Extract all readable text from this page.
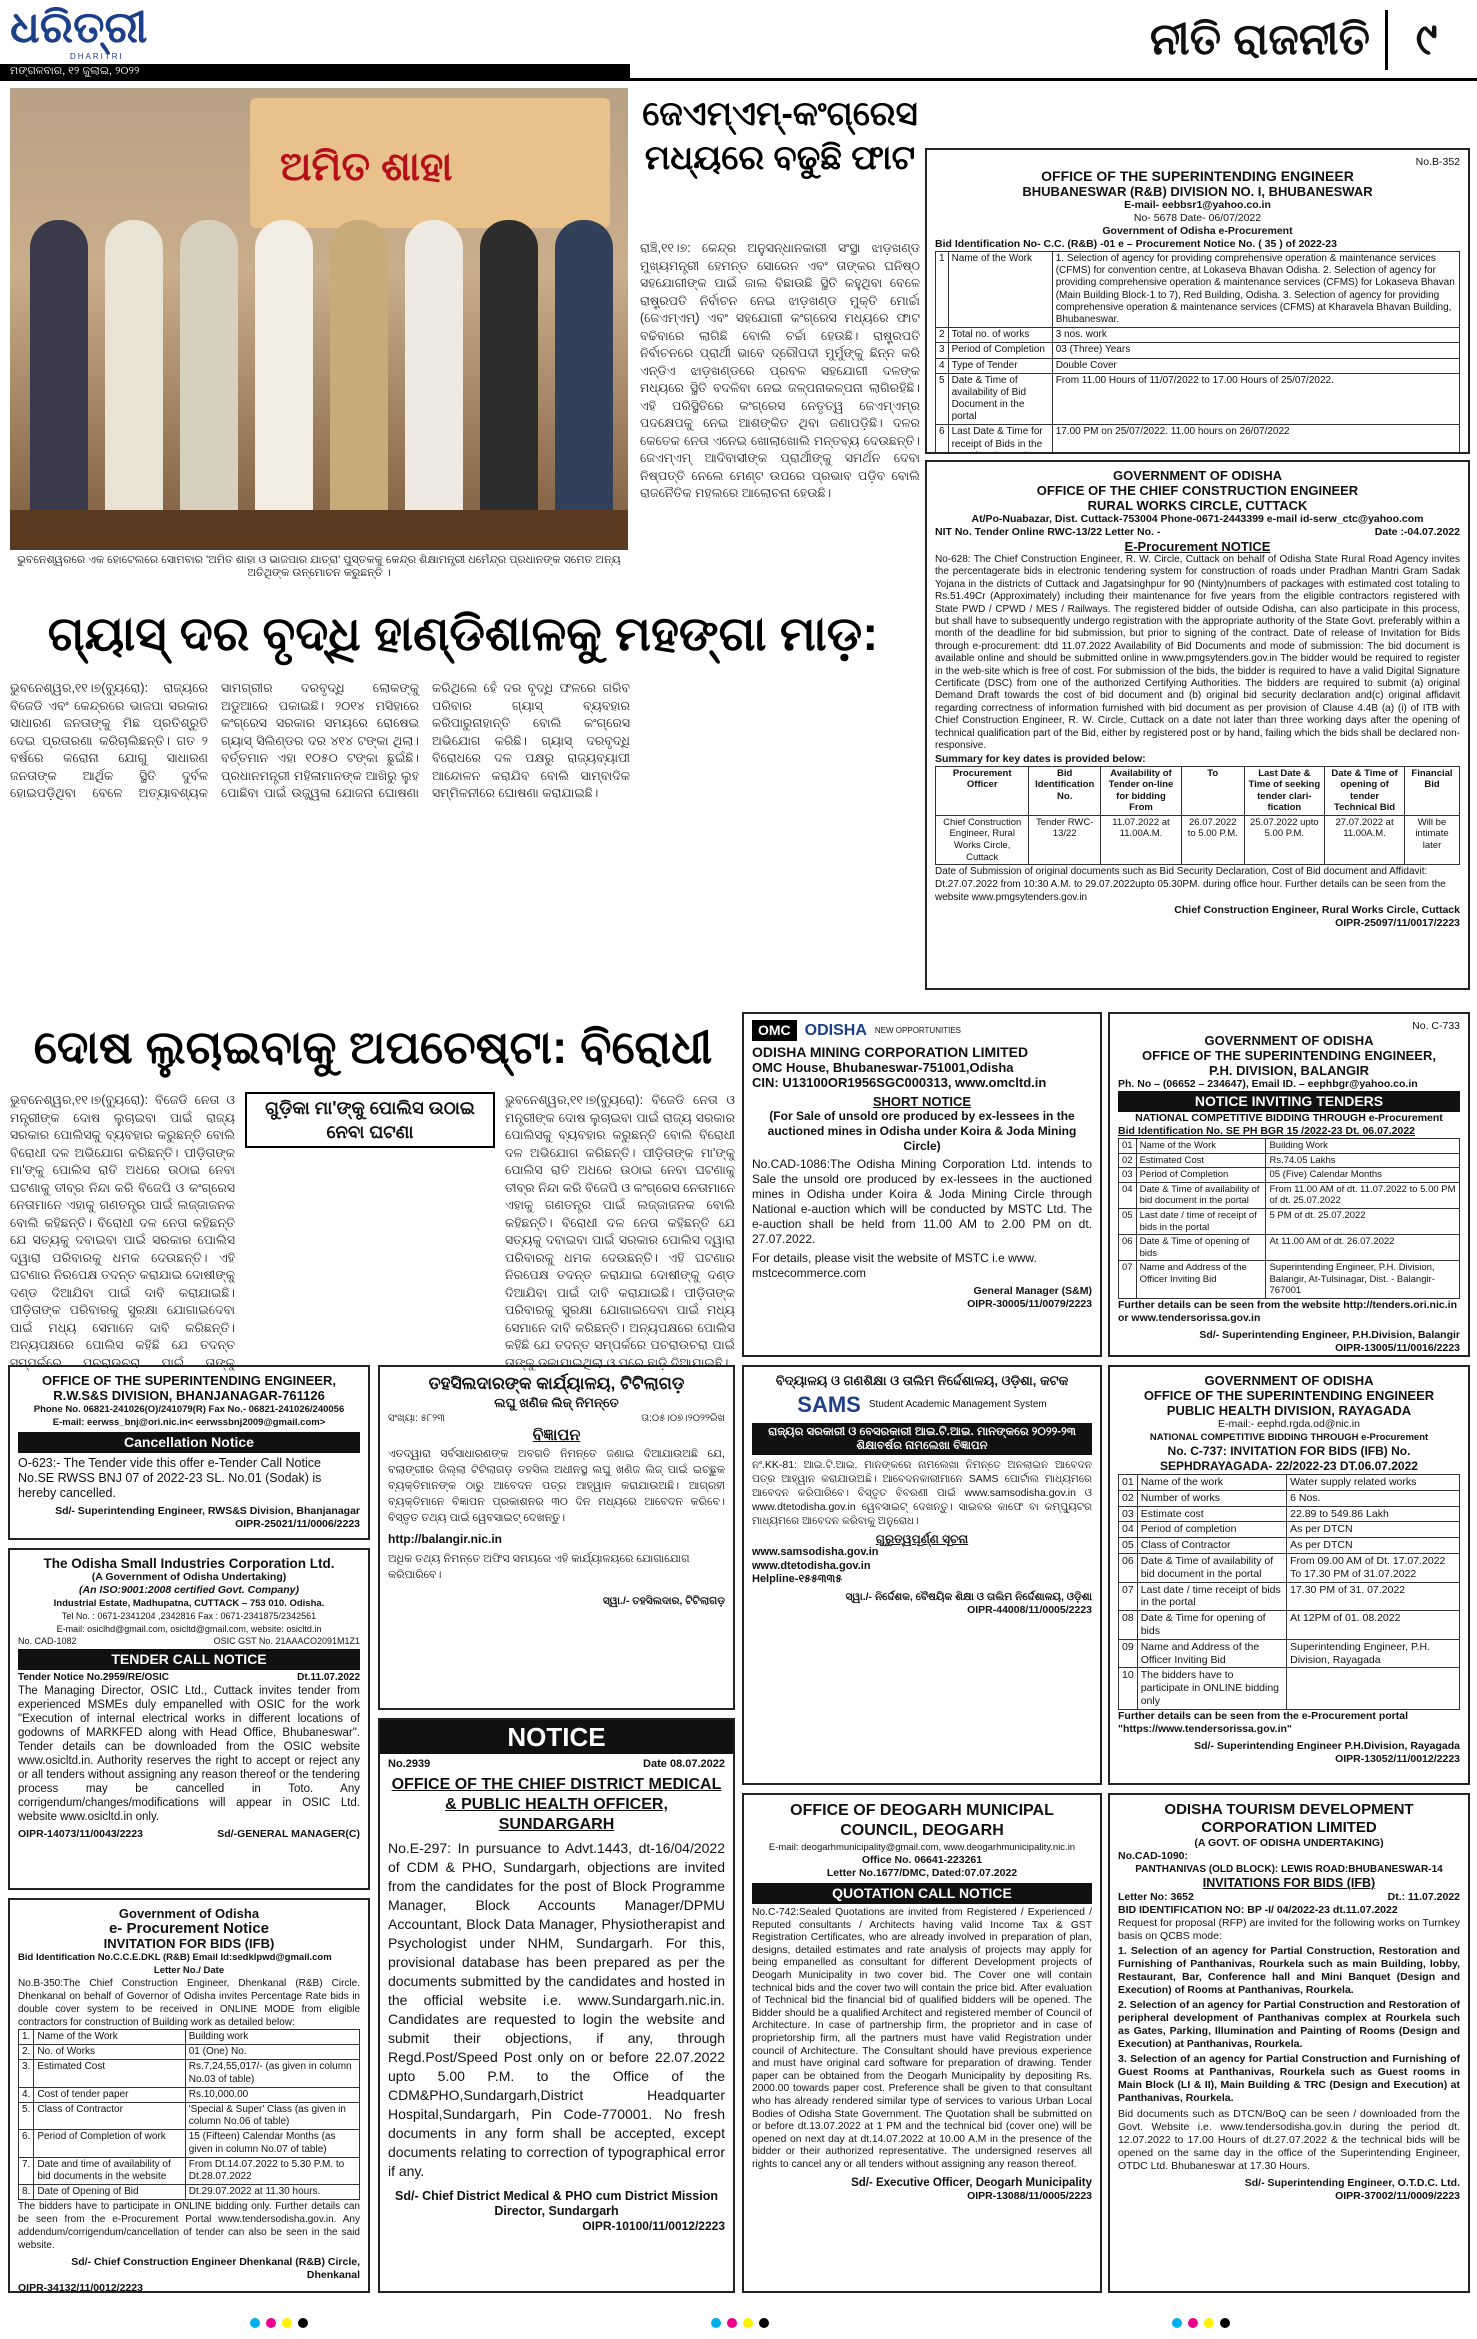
ଧରିତ୍ରୀ
DHARITRI
ମଙ୍ଗଳବାର, ୧୨ ଜୁଲାଇ, ୨୦୨୨
ନୀତି ରାଜନୀତି	୯
ଅମିତ ଶାହା
ଭୁବନେଶ୍ୱରରେ ଏକ ହୋଟେଲରେ ସୋମବାର 'ଅମିତ ଶାହା ଓ ଭାଜପାର ଯାତ୍ରା' ପୁସ୍ତକକୁ କେନ୍ଦ୍ର ଶିକ୍ଷାମନ୍ତ୍ରୀ ଧର୍ମେନ୍ଦ୍ର ପ୍ରଧାନଙ୍କ ସମେତ ଅନ୍ୟ ଅତିଥିଙ୍କ ଉନ୍ମୋଚନ କରୁଛନ୍ତି ।
ଜେଏମ୍ଏମ୍-କଂଗ୍ରେସ ମଧ୍ୟରେ ବଢୁଛି ଫାଟ
ରାଞ୍ଚି,୧୧।୭: କେନ୍ଦ୍ର ଅନୁସନ୍ଧାନକାରୀ ସଂସ୍ଥା ଝାଡ଼ଖଣ୍ଡ ମୁଖ୍ୟମନ୍ତ୍ରୀ ହେମନ୍ତ ସୋରେନ ଏବଂ ତାଙ୍କର ଘନିଷ୍ଠ ସହଯୋଗୀଙ୍କ ପାଇଁ ଜାଲ ବିଛାଉଛି ସ୍ଥିତି କହୁଥିବା ବେଳେ ରାଷ୍ଟ୍ରପତି ନିର୍ବାଚନ ନେଇ ଝାଡ଼ଖଣ୍ଡ ମୁକ୍ତି ମୋର୍ଚ୍ଚା (ଜେଏମ୍ଏମ୍) ଏବଂ ସହଯୋଗୀ କଂଗ୍ରେସ ମଧ୍ୟରେ ଫାଟ ବଢିବାରେ ଲାଗିଛି ବୋଲି ଚର୍ଚ୍ଚା ହେଉଛି। ରାଷ୍ଟ୍ରପତି ନିର୍ବାଚନରେ ପ୍ରାର୍ଥୀ ଭାବେ ଦ୍ରୌପଦୀ ମୁର୍ମୁଙ୍କୁ ଛିନ୍ନ କରି ଏନ୍‌ଡିଏ ଝାଡ଼ଖଣ୍ଡରେ ପ୍ରବଳ ସହଯୋଗୀ ଦଳଙ୍କ ମଧ୍ୟରେ ସ୍ଥିତି ବଦଳିବା ନେଇ ଜଳ୍ପନାକଳ୍ପନା ଲାଗିରହିଛି। ଏହି ପରିସ୍ଥିତିରେ କଂଗ୍ରେସ ନେତୃତ୍ୱ ଜେଏମ୍ଏମ୍‌ର ପଦକ୍ଷେପକୁ ନେଇ ଆଶଙ୍କିତ ଥିବା ଜଣାପଡ଼ିଛି। ଦଳର କେତେକ ନେତା ଏନେଇ ଖୋଲାଖୋଲି ମନ୍ତବ୍ୟ ଦେଉଛନ୍ତି। ଜେଏମ୍ଏମ୍ ଆଦିବାସୀଙ୍କ ପ୍ରାର୍ଥୀଙ୍କୁ ସମର୍ଥନ ଦେବା ନିଷ୍ପତ୍ତି ନେଲେ ମେଣ୍ଟ ଉପରେ ପ୍ରଭାବ ପଡ଼ିବ ବୋଲି ରାଜନୈତିକ ମହଲରେ ଆଲୋଚନା ହେଉଛି।
ଗ୍ୟାସ୍ ଦର ବୃଦ୍ଧି ହାଣ୍ଡିଶାଳକୁ ମହଙ୍ଗା ମାଡ଼:
ଭୁବନେଶ୍ୱର,୧୧।୭(ବ୍ୟୁରୋ): ରାଜ୍ୟରେ ବିଜେଡି ଏବଂ କେନ୍ଦ୍ରରେ ଭାଜପା ସରକାର ସାଧାରଣ ଜନତାଙ୍କୁ ମିଛ ପ୍ରତିଶ୍ରୁତି ଦେଇ ପ୍ରତାରଣା କରିଚାଲିଛନ୍ତି। ଗତ ୨ ବର୍ଷରେ କରୋନା ଯୋଗୁ ସାଧାରଣ ଜନତାଙ୍କ ଆର୍ଥିକ ସ୍ଥିତି ଦୁର୍ବଳ ହୋଇପଡ଼ିଥିବା ବେଳେ ଅତ୍ୟାବଶ୍ୟକ ସାମଗ୍ରୀର ଦରବୃଦ୍ଧି ଲୋକଙ୍କୁ ଅଡୁଆରେ ପକାଇଛି। ୨୦୧୪ ମସିହାରେ କଂଗ୍ରେସ ସରକାର ସମୟରେ ରୋଷେଇ ଗ୍ୟାସ୍ ସିଲିଣ୍ଡର ଦର ୪୧୪ ଟଙ୍କା ଥିଲା। ବର୍ତ୍ତମାନ ଏହା ୧୦୫୦ ଟଙ୍କା ଛୁଇଁଛି। ପ୍ରଧାନମନ୍ତ୍ରୀ ମହିଳାମାନଙ୍କ ଆଖିରୁ ଲୁହ ପୋଛିବା ପାଇଁ ଉଜ୍ଜ୍ୱଳା ଯୋଜନା ଘୋଷଣା କରିଥିଲେ ହେଁ ଦର ବୃଦ୍ଧି ଫଳରେ ଗରିବ ପରିବାର ଗ୍ୟାସ୍ ବ୍ୟବହାର କରିପାରୁନାହାନ୍ତି ବୋଲି କଂଗ୍ରେସ ଅଭିଯୋଗ କରିଛି। ଗ୍ୟାସ୍ ଦରବୃଦ୍ଧି ବିରୋଧରେ ଦଳ ପକ୍ଷରୁ ରାଜ୍ୟବ୍ୟାପୀ ଆନ୍ଦୋଳନ କରାଯିବ ବୋଲି ସାମ୍ବାଦିକ ସମ୍ମିଳନୀରେ ଘୋଷଣା କରାଯାଇଛି।
ଦୋଷ ଲୁଚାଇବାକୁ ଅପଚେଷ୍ଟା: ବିରୋଧୀ
ଗୁଡ଼ିକା ମା'ଙ୍କୁ ପୋଲିସ ଉଠାଇ ନେବା ଘଟଣା
ଭୁବନେଶ୍ୱର,୧୧।୭(ବ୍ୟୁରୋ): ବିଜେଡି ନେତା ଓ ମନ୍ତ୍ରୀଙ୍କ ଦୋଷ ଲୁଚାଇବା ପାଇଁ ରାଜ୍ୟ ସରକାର ପୋଲିସକୁ ବ୍ୟବହାର କରୁଛନ୍ତି ବୋଲି ବିରୋଧୀ ଦଳ ଅଭିଯୋଗ କରିଛନ୍ତି। ପୀଡ଼ିତାଙ୍କ ମା'ଙ୍କୁ ପୋଲିସ ରାତି ଅଧରେ ଉଠାଇ ନେବା ଘଟଣାକୁ ତୀବ୍ର ନିନ୍ଦା କରି ବିଜେପି ଓ କଂଗ୍ରେସ ନେତାମାନେ ଏହାକୁ ଗଣତନ୍ତ୍ର ପାଇଁ ଲଜ୍ଜାଜନକ ବୋଲି କହିଛନ୍ତି। ବିରୋଧୀ ଦଳ ନେତା କହିଛନ୍ତି ଯେ ସତ୍ୟକୁ ଦବାଇବା ପାଇଁ ସରକାର ପୋଲିସ ଦ୍ୱାରା ପରିବାରକୁ ଧମକ ଦେଉଛନ୍ତି। ଏହି ଘଟଣାର ନିରପେକ୍ଷ ତଦନ୍ତ କରାଯାଇ ଦୋଷୀଙ୍କୁ ଦଣ୍ଡ ଦିଆଯିବା ପାଇଁ ଦାବି କରାଯାଇଛି। ପୀଡ଼ିତାଙ୍କ ପରିବାରକୁ ସୁରକ୍ଷା ଯୋଗାଇଦେବା ପାଇଁ ମଧ୍ୟ ସେମାନେ ଦାବି କରିଛନ୍ତି। ଅନ୍ୟପକ୍ଷରେ ପୋଲିସ କହିଛି ଯେ ତଦନ୍ତ ସମ୍ପର୍କରେ ପଚରାଉଚରା ପାଇଁ ତାଙ୍କୁ
ଭୁବନେଶ୍ୱର,୧୧।୭(ବ୍ୟୁରୋ): ବିଜେଡି ନେତା ଓ ମନ୍ତ୍ରୀଙ୍କ ଦୋଷ ଲୁଚାଇବା ପାଇଁ ରାଜ୍ୟ ସରକାର ପୋଲିସକୁ ବ୍ୟବହାର କରୁଛନ୍ତି ବୋଲି ବିରୋଧୀ ଦଳ ଅଭିଯୋଗ କରିଛନ୍ତି। ପୀଡ଼ିତାଙ୍କ ମା'ଙ୍କୁ ପୋଲିସ ରାତି ଅଧରେ ଉଠାଇ ନେବା ଘଟଣାକୁ ତୀବ୍ର ନିନ୍ଦା କରି ବିଜେପି ଓ କଂଗ୍ରେସ ନେତାମାନେ ଏହାକୁ ଗଣତନ୍ତ୍ର ପାଇଁ ଲଜ୍ଜାଜନକ ବୋଲି କହିଛନ୍ତି। ବିରୋଧୀ ଦଳ ନେତା କହିଛନ୍ତି ଯେ ସତ୍ୟକୁ ଦବାଇବା ପାଇଁ ସରକାର ପୋଲିସ ଦ୍ୱାରା ପରିବାରକୁ ଧମକ ଦେଉଛନ୍ତି। ଏହି ଘଟଣାର ନିରପେକ୍ଷ ତଦନ୍ତ କରାଯାଇ ଦୋଷୀଙ୍କୁ ଦଣ୍ଡ ଦିଆଯିବା ପାଇଁ ଦାବି କରାଯାଇଛି। ପୀଡ଼ିତାଙ୍କ ପରିବାରକୁ ସୁରକ୍ଷା ଯୋଗାଇଦେବା ପାଇଁ ମଧ୍ୟ ସେମାନେ ଦାବି କରିଛନ୍ତି। ଅନ୍ୟପକ୍ଷରେ ପୋଲିସ କହିଛି ଯେ ତଦନ୍ତ ସମ୍ପର୍କରେ ପଚରାଉଚରା ପାଇଁ ତାଙ୍କୁ ଡକାଯାଇଥିଲା ଓ ପରେ ଛାଡ଼ି ଦିଆଯାଇଛି।
No.B-352
OFFICE OF THE SUPERINTENDING ENGINEER
BHUBANESWAR (R&B) DIVISION NO. I, BHUBANESWAR
E-mail- eebbsr1@yahoo.co.in
No- 5678 Date- 06/07/2022
Government of Odisha e-Procurement
Bid Identification No- C.C. (R&B) -01 e – Procurement Notice No. ( 35 ) of 2022-23
1	Name of the Work	1. Selection of agency for providing comprehensive operation & maintenance services (CFMS) for convention centre, at Lokaseva Bhavan Odisha. 2. Selection of agency for providing comprehensive operation & maintenance services (CFMS) for Lokaseva Bhavan (Main Building Block-1 to 7), Red Building, Odisha. 3. Selection of agency for providing comprehensive operation & maintenance services (CFMS) at Kharavela Bhavan Building, Bhubaneswar.
2	Total no. of works	3 nos. work
3	Period of Completion	03 (Three) Years
4	Type of Tender	Double Cover
5	Date & Time of availability of Bid Document in the portal	From 11.00 Hours of 11/07/2022 to 17.00 Hours of 25/07/2022.
6	Last Date & Time for receipt of Bids in the	17.00 PM on 25/07/2022. 11.00 hours on 26/07/2022

GOVERNMENT OF ODISHA
OFFICE OF THE CHIEF CONSTRUCTION ENGINEER
RURAL WORKS CIRCLE, CUTTACK
At/Po-Nuabazar, Dist. Cuttack-753004 Phone-0671-2443399 e-mail id-serw_ctc@yahoo.com
NIT No. Tender Online RWC-13/22 Letter No. -	Date :-04.07.2022
E-Procurement NOTICE
No-628: The Chief Construction Engineer, R. W. Circle, Cuttack on behalf of Odisha State Rural Road Agency invites the percentagerate bids in electronic tendering system for construction of roads under Pradhan Mantri Gram Sadak Yojana in the districts of Cuttack and Jagatsinghpur for 90 (Ninty)numbers of packages with estimated cost totaling to Rs.51.49Cr (Approximately) including their maintenance for five years from the eligible contractors registered with State PWD / CPWD / MES / Railways. The registered bidder of outside Odisha, can also participate in this process, but shall have to subsequently undergo registration with the appropriate authority of the State Govt. preferably within a month of the deadline for bid submission, but prior to signing of the contract. Date of release of Invitation for Bids through e-procurement: dtd 11.07.2022 Availability of Bid Documents and mode of submission: The bid document is available online and should be submitted online in www.pmgsytenders.gov.in The bidder would be required to register in the web-site which is free of cost. For submission of the bids, the bidder is required to have a valid Digital Signature Certificate (DSC) from one of the authorized Certifying Authorities. The bidders are required to submit (a) original Demand Draft towards the cost of bid document and (b) original bid security declaration and(c) original affidavit regarding correctness of information furnished with bid document as per provision of Clause 4.4B (a) (i) of ITB with Chief Construction Engineer, R. W. Circle, Cuttack on a date not later than three working days after the opening of technical qualification part of the Bid, either by registered post or by hand, failing which the bids shall be declared non-responsive.
Summary for key dates is provided below:
Procurement Officer	Bid Identification No.	Availability of Tender on-line for bidding From	To	Last Date & Time of seeking tender clari-fication	Date & Time of opening of tender Technical Bid	Financial Bid
Chief Construction Engineer, Rural Works Circle, Cuttack	Tender RWC-13/22	11.07.2022 at 11.00A.M.	26.07.2022 to 5.00 P.M.	25.07.2022 upto 5.00 P.M.	27.07.2022 at 11.00A.M.	Will be intimate later
Date of Submission of original documents such as Bid Security Declaration, Cost of Bid document and Affidavit: Dt.27.07.2022 from 10:30 A.M. to 29.07.2022upto 05.30PM. during office hour. Further details can be seen from the website www.pmgsytenders.gov.in
Chief Construction Engineer, Rural Works Circle, Cuttack
OIPR-25097/11/0017/2223
OMC ODISHA NEW OPPORTUNITIES
ODISHA MINING CORPORATION LIMITED
OMC House, Bhubaneswar-751001,Odisha
CIN: U13100OR1956SGC000313, www.omcltd.in
SHORT NOTICE
(For Sale of unsold ore produced by ex-lessees in the auctioned mines in Odisha under Koira & Joda Mining Circle)
No.CAD-1086:The Odisha Mining Corporation Ltd. intends to Sale the unsold ore produced by ex-lessees in the auctioned mines in Odisha under Koira & Joda Mining Circle through National e-auction which will be conducted by MSTC Ltd. The e-auction shall be held from 11.00 AM to 2.00 PM on dt. 27.07.2022.
For details, please visit the website of MSTC i.e www. mstcecommerce.com
General Manager (S&M)
OIPR-30005/11/0079/2223
No. C-733
GOVERNMENT OF ODISHA
OFFICE OF THE SUPERINTENDING ENGINEER,
P.H. DIVISION, BALANGIR
Ph. No – (06652 – 234647), Email ID. – eephbgr@yahoo.co.in
NOTICE INVITING TENDERS
NATIONAL COMPETITIVE BIDDING THROUGH e-Procurement
Bid Identification No. SE PH BGR 15 /2022-23 Dt. 06.07.2022
01	Name of the Work	Building Work
02	Estimated Cost	Rs.74.05 Lakhs
03	Period of Completion	05 (Five) Calendar Months
04	Date & Time of availability of bid document in the portal	From 11.00 AM of dt. 11.07.2022 to 5.00 PM of dt. 25.07.2022
05	Last date / time of receipt of bids in the portal	5 PM of dt. 25.07.2022
06	Date & Time of opening of bids	At 11.00 AM of dt. 26.07.2022
07	Name and Address of the Officer Inviting Bid	Superintending Engineer, P.H. Division, Balangir, At-Tulsinagar, Dist. - Balangir-767001
Further details can be seen from the website http://tenders.ori.nic.in or www.tendersorissa.gov.in
Sd/- Superintending Engineer, P.H.Division, Balangir
OIPR-13005/11/0016/2223
OFFICE OF THE SUPERINTENDING ENGINEER,
R.W.S&S DIVISION, BHANJANAGAR-761126
Phone No. 06821-241026(O)/241079(R) Fax No.- 06821-241026/240056
E-mail: eerwss_bnj@ori.nic.in< eerwssbnj2009@gmail.com>
Cancellation Notice
O-623:- The Tender vide this offer e-Tender Call Notice No.SE RWSS BNJ 07 of 2022-23 SL. No.01 (Sodak) is hereby cancelled.
Sd/- Superintending Engineer, RWS&S Division, Bhanjanagar
OIPR-25021/11/0006/2223
The Odisha Small Industries Corporation Ltd.
(A Government of Odisha Undertaking)
(An ISO:9001:2008 certified Govt. Company)
Industrial Estate, Madhupatna, CUTTACK – 753 010. Odisha.
Tel No. : 0671-2341204 ,2342816 Fax : 0671-2341875/2342561
E-mail: osiclhd@gmail.com, osicltd@gmail.com, website: osicltd.in
No. CAD-1082	OSIC GST No. 21AAACO2091M1Z1
TENDER CALL NOTICE
Tender Notice No.2959/RE/OSIC	Dt.11.07.2022
The Managing Director, OSIC Ltd., Cuttack invites tender from experienced MSMEs duly empanelled with OSIC for the work "Execution of internal electrical works in different locations of godowns of MARKFED along with Head Office, Bhubaneswar". Tender details can be downloaded from the OSIC website www.osicltd.in. Authority reserves the right to accept or reject any or all tenders without assigning any reason thereof or the tendering process may be cancelled in Toto. Any corrigendum/changes/modifications will appear in OSIC Ltd. website www.osicltd.in only.
OIPR-14073/11/0043/2223	Sd/-GENERAL MANAGER(C)
Government of Odisha
e- Procurement Notice
INVITATION FOR BIDS (IFB)
Bid Identification No.C.C.E.DKL (R&B) Email Id:sedklpwd@gmail.com
Letter No./ Date
No.B-350:The Chief Construction Engineer, Dhenkanal (R&B) Circle. Dhenkanal on behalf of Governor of Odisha invites Percentage Rate bids in double cover system to be received in ONLINE MODE from eligible contractors for construction of Building work as detailed below:
1.	Name of the Work	Building work
2.	No. of Works	01 (One) No.
3.	Estimated Cost	Rs.7,24,55,017/- (as given in column No.03 of table)
4.	Cost of tender paper	Rs.10,000.00
5.	Class of Contractor	'Special & Super' Class (as given in column No.06 of table)
6.	Period of Completion of work	15 (Fifteen) Calendar Months (as given in column No.07 of table)
7.	Date and time of availability of bid documents in the website	From Dt.14.07.2022 to 5.30 P.M. to Dt.28.07.2022
8.	Date of Opening of Bid	Dt.29.07.2022 at 11.30 hours.
The bidders have to participate in ONLINE bidding only. Further details can be seen from the e-Procurement Portal www.tendersodisha.gov.in. Any addendum/corrigendum/cancellation of tender can also be seen in the said website.
Sd/- Chief Construction Engineer Dhenkanal (R&B) Circle, Dhenkanal
OIPR-34132/11/0012/2223
ତହସିଲଦାରଙ୍କ କାର୍ଯ୍ୟାଳୟ, ଟିଟିଲାଗଡ଼
ଲଘୁ ଖଣିଜ ଲିଜ୍ ନିମନ୍ତେ
ସଂଖ୍ୟା: ୫୮୨୩	ତା:୦୫।୦୭।୨୦୨୨ରିଖ
ବିଜ୍ଞାପନ
ଏତଦ୍ୱାରା ସର୍ବସାଧାରଣଙ୍କ ଅବଗତି ନିମନ୍ତେ ଜଣାଇ ଦିଆଯାଉଅଛି ଯେ, ବଲାଙ୍ଗୀର ଜିଲ୍ଲା ଟିଟିଲାଗଡ଼ ତହସିଲ ଅଧୀନସ୍ଥ ଲଘୁ ଖଣିଜ ଲିଜ୍ ପାଇଁ ଇଚ୍ଛୁକ ବ୍ୟକ୍ତିମାନଙ୍କ ଠାରୁ ଆବେଦନ ପତ୍ର ଆହ୍ୱାନ କରାଯାଉଅଛି। ଆଗ୍ରହୀ ବ୍ୟକ୍ତିମାନେ ବିଜ୍ଞାପନ ପ୍ରକାଶନର ୩୦ ଦିନ ମଧ୍ୟରେ ଆବେଦନ କରିବେ। ବିସ୍ତୃତ ତଥ୍ୟ ପାଇଁ ୱେବସାଇଟ୍ ଦେଖନ୍ତୁ।
http://balangir.nic.in
ଅଧିକ ତଥ୍ୟ ନିମନ୍ତେ ଅଫିସ ସମୟରେ ଏହି କାର୍ଯ୍ୟାଳୟରେ ଯୋଗାଯୋଗ କରିପାରିବେ।
ସ୍ୱା./- ତହସିଲଦାର, ଟିଟିଲାଗଡ଼
NOTICE
No.2939	Date 08.07.2022
OFFICE OF THE CHIEF DISTRICT MEDICAL & PUBLIC HEALTH OFFICER, SUNDARGARH
No.E-297: In pursuance to Advt.1443, dt-16/04/2022 of CDM & PHO, Sundargarh, objections are invited from the candidates for the post of Block Programme Manager, Block Accounts Manager/DPMU Accountant, Block Data Manager, Physiotherapist and Psychologist under NHM, Sundargarh. For this, provisional database has been prepared as per the documents submitted by the candidates and hosted in the official website i.e. www.Sundargarh.nic.in. Candidates are requested to login the website and submit their objections, if any, through Regd.Post/Speed Post only on or before 22.07.2022 upto 5.00 P.M. to the Office of the CDM&PHO,Sundargarh,District Headquarter Hospital,Sundargarh, Pin Code-770001. No fresh documents in any form shall be accepted, except documents relating to correction of typographical error if any.
Sd/- Chief District Medical & PHO cum District Mission Director, Sundargarh
OIPR-10100/11/0012/2223
ବିଦ୍ୟାଳୟ ଓ ଗଣଶିକ୍ଷା ଓ ତାଲିମ ନିର୍ଦ୍ଦେଶାଳୟ, ଓଡ଼ିଶା, କଟକ
SAMS Student Academic Management System
ରାଜ୍ୟର ସରକାରୀ ଓ ବେସରକାରୀ ଆଇ.ଟି.ଆଇ. ମାନଙ୍କରେ ୨୦୨୨-୨୩ ଶିକ୍ଷାବର୍ଷର ନାମଲେଖା ବିଜ୍ଞାପନ
ନଂ.KK-81: ଆଇ.ଟି.ଆଇ. ମାନଙ୍କରେ ନାମଲେଖା ନିମନ୍ତେ ଅନଲାଇନ ଆବେଦନ ପତ୍ର ଆହ୍ୱାନ କରାଯାଉଅଛି। ଆବେଦନକାରୀମାନେ SAMS ପୋର୍ଟାଲ ମାଧ୍ୟମରେ ଆବେଦନ କରିପାରିବେ। ବିସ୍ତୃତ ବିବରଣୀ ପାଇଁ www.samsodisha.gov.in ଓ www.dtetodisha.gov.in ୱେବସାଇଟ୍ ଦେଖନ୍ତୁ। ସାଇବର କାଫେ ବା କମ୍ପ୍ୟୁଟର ମାଧ୍ୟମରେ ଆବେଦନ କରିବାକୁ ଅନୁରୋଧ।
ଗୁରୁତ୍ୱପୂର୍ଣ୍ଣ ସୂଚନା
www.samsodisha.gov.in
www.dtetodisha.gov.in
Helpline-୧୫୫୩୩୫
ସ୍ୱା./- ନିର୍ଦ୍ଦେଶକ, ବୈଷୟିକ ଶିକ୍ଷା ଓ ତାଲିମ ନିର୍ଦ୍ଦେଶାଳୟ, ଓଡ଼ିଶା
OIPR-44008/11/0005/2223
GOVERNMENT OF ODISHA
OFFICE OF THE SUPERINTENDING ENGINEER
PUBLIC HEALTH DIVISION, RAYAGADA
E-mail:- eephd.rgda.od@nic.in
NATIONAL COMPETITIVE BIDDING THROUGH e-Procurement
No. C-737: INVITATION FOR BIDS (IFB) No.
SEPHDRAYAGADA- 22/2022-23 DT.06.07.2022
01	Name of the work	Water supply related works
02	Number of works	6 Nos.
03	Estimate cost	22.89 to 549.86 Lakh
04	Period of completion	As per DTCN
05	Class of Contractor	As per DTCN
06	Date & Time of availability of bid document in the portal	From 09.00 AM of Dt. 17.07.2022 To 17.30 PM of 31.07.2022
07	Last date / time receipt of bids in the portal	17.30 PM of 31. 07.2022
08	Date & Time for opening of bids	At 12PM of 01. 08.2022
09	Name and Address of the Officer Inviting Bid	Superintending Engineer, P.H. Division, Rayagada
10	The bidders have to participate in ONLINE bidding only	
Further details can be seen from the e-Procurement portal "https://www.tendersorissa.gov.in"
Sd/- Superintending Engineer P.H.Division, Rayagada
OIPR-13052/11/0012/2223
OFFICE OF DEOGARH MUNICIPAL COUNCIL, DEOGARH
E-mail: deogarhmunicipality@gmail.com, www.deogarhmunicipality.nic.in
Office No. 06641-223261
Letter No.1677/DMC, Dated:07.07.2022
QUOTATION CALL NOTICE
No.C-742:Sealed Quotations are invited from Registered / Experienced / Reputed consultants / Architects having valid Income Tax & GST Registration Certificates, who are already involved in preparation of plan, designs, detailed estimates and rate analysis of projects may apply for being empanelled as consultant for different Development projects of Deogarh Municipality in two cover bid. The Cover one will contain technical bids and the cover two will contain the price bid. After evaluation of Technical bid the financial bid of qualified bidders will be opened. The Bidder should be a qualified Architect and registered member of Council of Architecture. In case of partnership firm, the proprietor and in case of proprietorship firm, all the partners must have valid Registration under council of Architecture. The Consultant should have previous experience and must have original card software for preparation of drawing. Tender paper can be obtained from the Deogarh Municipality by depositing Rs. 2000.00 towards paper cost. Preference shall be given to that consultant who has already rendered similar type of services to various Urban Local Bodies of Odisha State Government. The Quotation shall be submitted on or before dt.13.07.2022 at 1 PM and the technical bid (cover one) will be opened on next day at dt.14.07.2022 at 10.00 A.M in the presence of the bidder or their authorized representative. The undersigned reserves all rights to cancel any or all tenders without assigning any reason thereof.
Sd/- Executive Officer, Deogarh Municipality
OIPR-13088/11/0005/2223
ODISHA TOURISM DEVELOPMENT CORPORATION LIMITED
(A GOVT. OF ODISHA UNDERTAKING)
No.CAD-1090:
PANTHANIVAS (OLD BLOCK): LEWIS ROAD:BHUBANESWAR-14
INVITATIONS FOR BIDS (IFB)
Letter No: 3652	Dt.: 11.07.2022
BID IDENTIFICATION NO: BP -I/ 04/2022-23 dt.11.07.2022
Request for proposal (RFP) are invited for the following works on Turnkey basis on QCBS mode:
1. Selection of an agency for Partial Construction, Restoration and Furnishing of Panthanivas, Rourkela such as main Building, lobby, Restaurant, Bar, Conference hall and Mini Banquet (Design and Execution) of Rooms at Panthanivas, Rourkela.
2. Selection of an agency for Partial Construction and Restoration of peripheral development of Panthanivas complex at Rourkela such as Gates, Parking, Illumination and Painting of Rooms (Design and Execution) at Panthanivas, Rourkela.
3. Selection of an agency for Partial Construction and Furnishing of Guest Rooms at Panthanivas, Rourkela such as Guest rooms in Main Block (LI & II), Main Building & TRC (Design and Execution) at Panthanivas, Rourkela.
Bid documents such as DTCN/BoQ can be seen / downloaded from the Govt. Website i.e. www.tendersodisha.gov.in during the period dt. 12.07.2022 to 17.00 Hours of dt.27.07.2022 & the technical bids will be opened on the same day in the office of the Superintending Engineer, OTDC Ltd. Bhubaneswar at 17.30 Hours.
Sd/- Superintending Engineer, O.T.D.C. Ltd.
OIPR-37002/11/0009/2223
